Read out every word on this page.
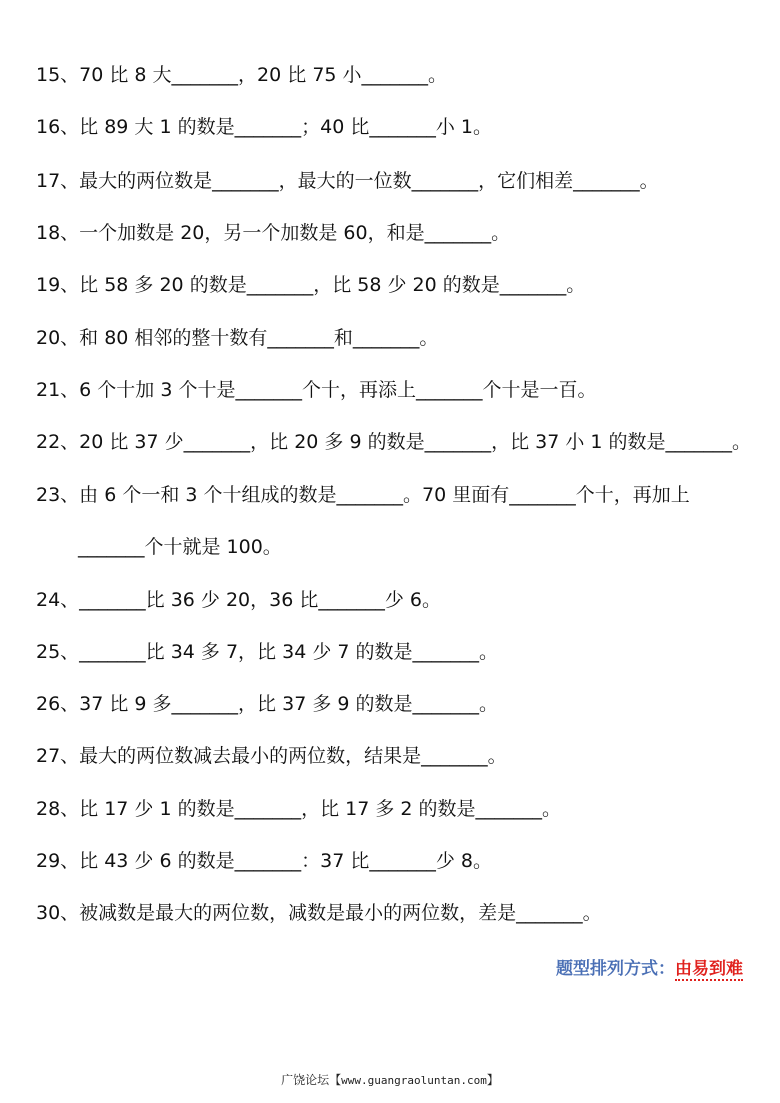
15、70 比 8 大_______，20 比 75 小_______。
16、比 89 大 1 的数是_______；40 比_______小 1。
17、最大的两位数是_______，最大的一位数_______，它们相差_______。
18、一个加数是 20，另一个加数是 60，和是_______。
19、比 58 多 20 的数是_______，比 58 少 20 的数是_______。
20、和 80 相邻的整十数有_______和_______。
21、6 个十加 3 个十是_______个十，再添上_______个十是一百。
22、20 比 37 少_______，比 20 多 9 的数是_______，比 37 小 1 的数是_______。
23、由 6 个一和 3 个十组成的数是_______。70 里面有_______个十，再加上
_______个十就是 100。
24、_______比 36 少 20，36 比_______少 6。
25、_______比 34 多 7，比 34 少 7 的数是_______。
26、37 比 9 多_______，比 37 多 9 的数是_______。
27、最大的两位数减去最小的两位数，结果是_______。
28、比 17 少 1 的数是_______，比 17 多 2 的数是_______。
29、比 43 少 6 的数是_______：37 比_______少 8。
30、被减数是最大的两位数，减数是最小的两位数，差是_______。
题型排列方式：由易到难
广饶论坛【www.guangraoluntan.com】
